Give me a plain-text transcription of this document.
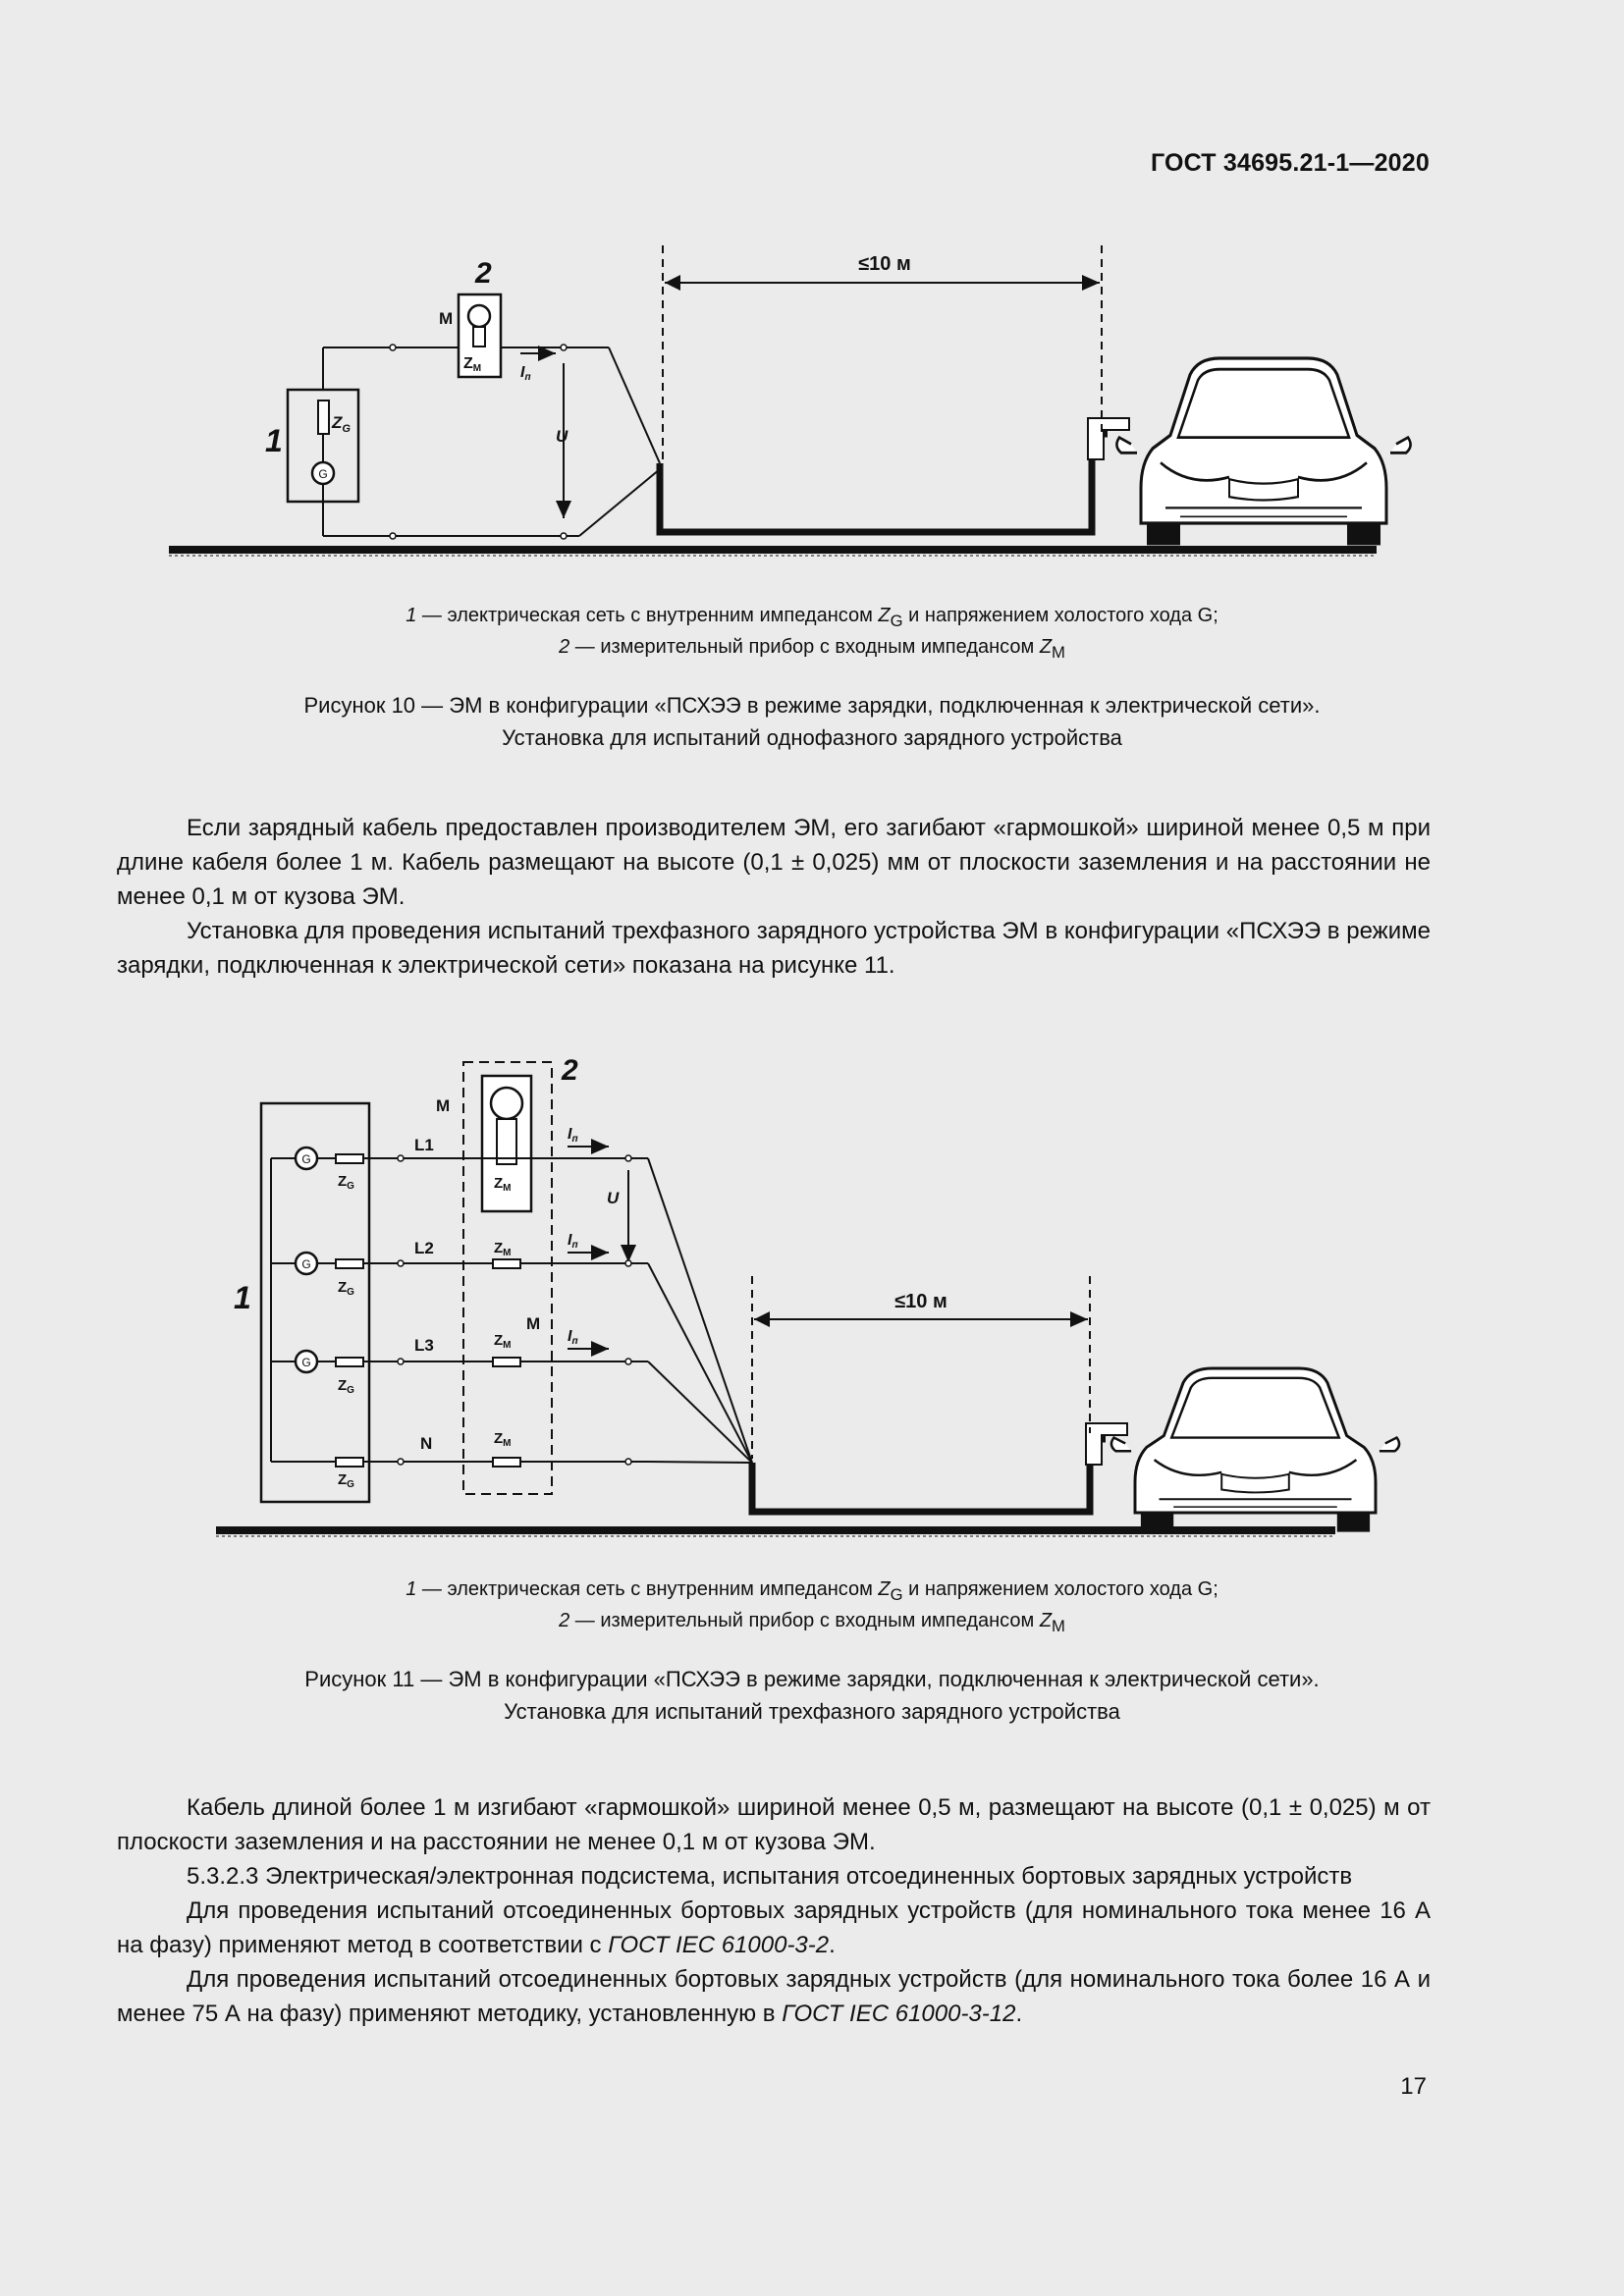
ГОСТ 34695.21-1—2020
$Z_G$
G
1
ZM
M
2
Iп
U
≤10 м
1 — электрическая сеть с внутренним импедансом $Z_G$ и напряжением холостого хода G;
2 — измерительный прибор с входным импедансом $Z_M$
Рисунок 10 — ЭМ в конфигурации «ПСХЭЭ в режиме зарядки, подключенная к электрической сети».
Установка для испытаний однофазного зарядного устройства

Если зарядный кабель предоставлен производителем ЭМ, его загибают «гармошкой» шириной менее 0,5 м при длине кабеля более 1 м. Кабель размещают на высоте (0,1 ± 0,025) мм от плоскости заземления и на расстоянии не менее 0,1 м от кузова ЭМ.

Установка для проведения испытаний трехфазного зарядного устройства ЭМ в конфигурации «ПСХЭЭ в режиме зарядки, подключенная к электрической сети» показана на рисунке 11.

1
M
2
U
≤10 м
G
$Z_G$
L1
$Z_M$
Iп
G
$Z_G$
L2	$Z_M$
Iп
G
$Z_G$
L3	$Z_M$
M
Iп
$Z_G$
N	$Z_M$
1 — электрическая сеть с внутренним импедансом $Z_G$ и напряжением холостого хода G;
2 — измерительный прибор с входным импедансом $Z_M$
Рисунок 11 — ЭМ в конфигурации «ПСХЭЭ в режиме зарядки, подключенная к электрической сети».
Установка для испытаний трехфазного зарядного устройства

Кабель длиной более 1 м изгибают «гармошкой» шириной менее 0,5 м, размещают на высоте (0,1 ± 0,025) м от плоскости заземления и на расстоянии не менее 0,1 м от кузова ЭМ.

5.3.2.3 Электрическая/электронная подсистема, испытания отсоединенных бортовых зарядных устройств

Для проведения испытаний отсоединенных бортовых зарядных устройств (для номинального тока менее 16 А на фазу) применяют метод в соответствии с ГОСТ IEC 61000-3-2.

Для проведения испытаний отсоединенных бортовых зарядных устройств (для номинального тока более 16 А и менее 75 А на фазу) применяют методику, установленную в ГОСТ IEC 61000-3-12.

17
